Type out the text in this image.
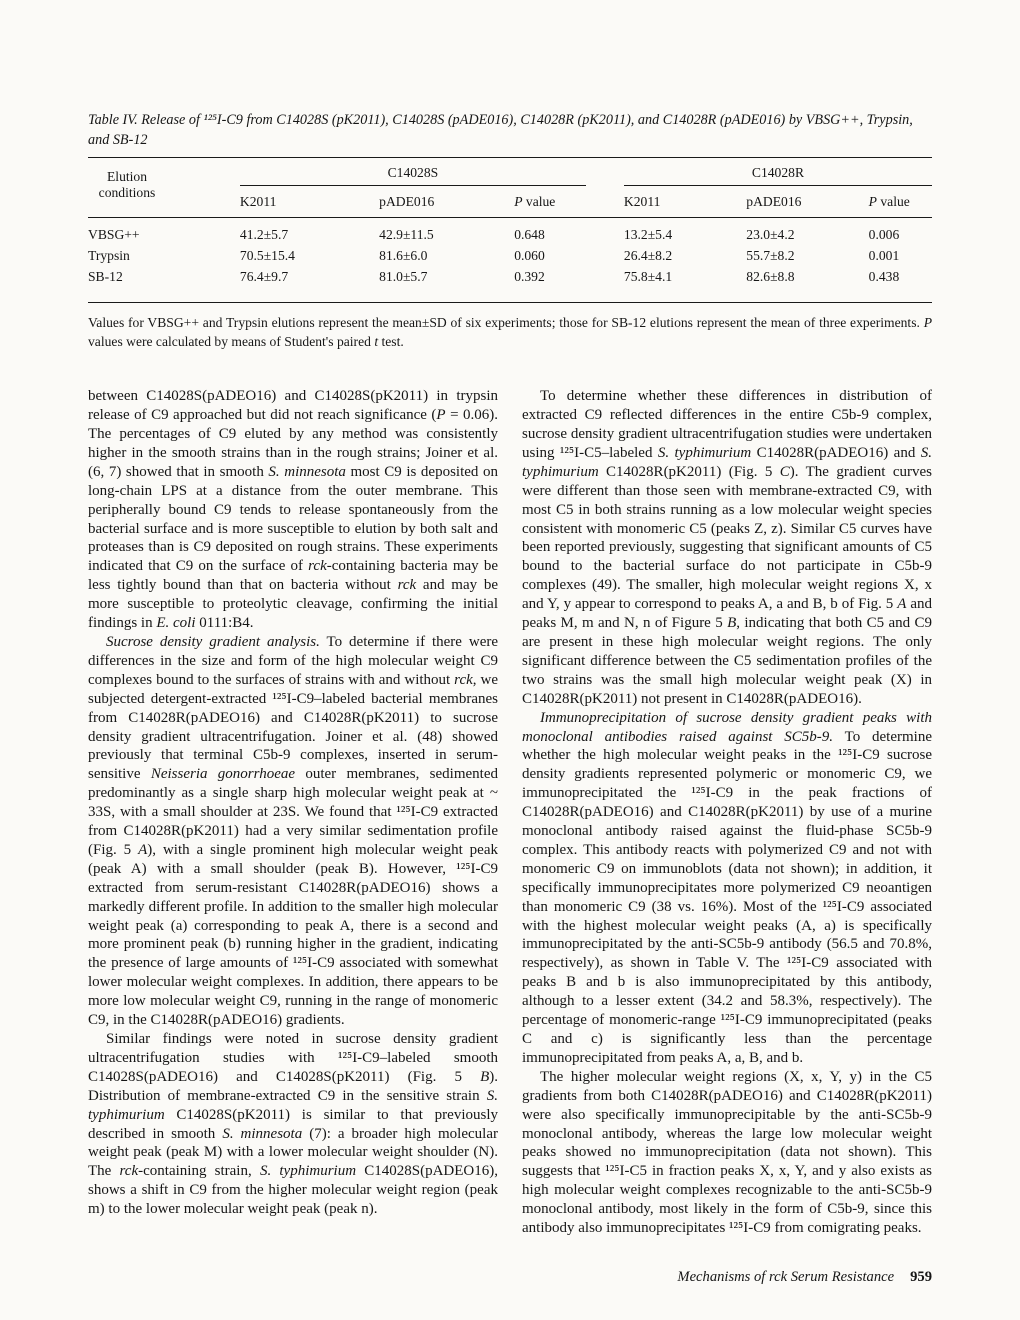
Table IV. Release of ¹²⁵I-C9 from C14028S (pK2011), C14028S (pADE016), C14028R (pK2011), and C14028R (pADE016) by VBSG++, Trypsin, and SB-12

Elution conditions	C14028S			C14028R		

	K2011	pADE016	P value	K2011	pADE016	P value
VBSG++	41.2±5.7	42.9±11.5	0.648	13.2±5.4	23.0±4.2	0.006
Trypsin	70.5±15.4	81.6±6.0	0.060	26.4±8.2	55.7±8.2	0.001
SB-12	76.4±9.7	81.0±5.7	0.392	75.8±4.1	82.6±8.8	0.438

Values for VBSG++ and Trypsin elutions represent the mean±SD of six experiments; those for SB-12 elutions represent the mean of three experiments. P values were calculated by means of Student's paired t test.

between C14028S(pADEO16) and C14028S(pK2011) in trypsin release of C9 approached but did not reach significance (P = 0.06). The percentages of C9 eluted by any method was consistently higher in the smooth strains than in the rough strains; Joiner et al. (6, 7) showed that in smooth S. minnesota most C9 is deposited on long-chain LPS at a distance from the outer membrane. This peripherally bound C9 tends to release spontaneously from the bacterial surface and is more susceptible to elution by both salt and proteases than is C9 deposited on rough strains. These experiments indicated that C9 on the surface of rck-containing bacteria may be less tightly bound than that on bacteria without rck and may be more susceptible to proteolytic cleavage, confirming the initial findings in E. coli 0111:B4.

Sucrose density gradient analysis. To determine if there were differences in the size and form of the high molecular weight C9 complexes bound to the surfaces of strains with and without rck, we subjected detergent-extracted ¹²⁵I-C9–labeled bacterial membranes from C14028R(pADEO16) and C14028R(pK2011) to sucrose density gradient ultracentrifugation. Joiner et al. (48) showed previously that terminal C5b-9 complexes, inserted in serum-sensitive Neisseria gonorrhoeae outer membranes, sedimented predominantly as a single sharp high molecular weight peak at ~ 33S, with a small shoulder at 23S. We found that ¹²⁵I-C9 extracted from C14028R(pK2011) had a very similar sedimentation profile (Fig. 5 A), with a single prominent high molecular weight peak (peak A) with a small shoulder (peak B). However, ¹²⁵I-C9 extracted from serum-resistant C14028R(pADEO16) shows a markedly different profile. In addition to the smaller high molecular weight peak (a) corresponding to peak A, there is a second and more prominent peak (b) running higher in the gradient, indicating the presence of large amounts of ¹²⁵I-C9 associated with somewhat lower molecular weight complexes. In addition, there appears to be more low molecular weight C9, running in the range of monomeric C9, in the C14028R(pADEO16) gradients.

Similar findings were noted in sucrose density gradient ultracentrifugation studies with ¹²⁵I-C9–labeled smooth C14028S(pADEO16) and C14028S(pK2011) (Fig. 5 B). Distribution of membrane-extracted C9 in the sensitive strain S. typhimurium C14028S(pK2011) is similar to that previously described in smooth S. minnesota (7): a broader high molecular weight peak (peak M) with a lower molecular weight shoulder (N). The rck-containing strain, S. typhimurium C14028S(pADEO16), shows a shift in C9 from the higher molecular weight region (peak m) to the lower molecular weight peak (peak n).

To determine whether these differences in distribution of extracted C9 reflected differences in the entire C5b-9 complex, sucrose density gradient ultracentrifugation studies were undertaken using ¹²⁵I-C5–labeled S. typhimurium C14028R(pADEO16) and S. typhimurium C14028R(pK2011) (Fig. 5 C). The gradient curves were different than those seen with membrane-extracted C9, with most C5 in both strains running as a low molecular weight species consistent with monomeric C5 (peaks Z, z). Similar C5 curves have been reported previously, suggesting that significant amounts of C5 bound to the bacterial surface do not participate in C5b-9 complexes (49). The smaller, high molecular weight regions X, x and Y, y appear to correspond to peaks A, a and B, b of Fig. 5 A and peaks M, m and N, n of Figure 5 B, indicating that both C5 and C9 are present in these high molecular weight regions. The only significant difference between the C5 sedimentation profiles of the two strains was the small high molecular weight peak (X) in C14028R(pK2011) not present in C14028R(pADEO16).

Immunoprecipitation of sucrose density gradient peaks with monoclonal antibodies raised against SC5b-9. To determine whether the high molecular weight peaks in the ¹²⁵I-C9 sucrose density gradients represented polymeric or monomeric C9, we immunoprecipitated the ¹²⁵I-C9 in the peak fractions of C14028R(pADEO16) and C14028R(pK2011) by use of a murine monoclonal antibody raised against the fluid-phase SC5b-9 complex. This antibody reacts with polymerized C9 and not with monomeric C9 on immunoblots (data not shown); in addition, it specifically immunoprecipitates more polymerized C9 neoantigen than monomeric C9 (38 vs. 16%). Most of the ¹²⁵I-C9 associated with the highest molecular weight peaks (A, a) is specifically immunoprecipitated by the anti-SC5b-9 antibody (56.5 and 70.8%, respectively), as shown in Table V. The ¹²⁵I-C9 associated with peaks B and b is also immunoprecipitated by this antibody, although to a lesser extent (34.2 and 58.3%, respectively). The percentage of monomeric-range ¹²⁵I-C9 immunoprecipitated (peaks C and c) is significantly less than the percentage immunoprecipitated from peaks A, a, B, and b.

The higher molecular weight regions (X, x, Y, y) in the C5 gradients from both C14028R(pADEO16) and C14028R(pK2011) were also specifically immunoprecipitable by the anti-SC5b-9 monoclonal antibody, whereas the large low molecular weight peaks showed no immunoprecipitation (data not shown). This suggests that ¹²⁵I-C5 in fraction peaks X, x, Y, and y also exists as high molecular weight complexes recognizable to the anti-SC5b-9 monoclonal antibody, most likely in the form of C5b-9, since this antibody also immunoprecipitates ¹²⁵I-C9 from comigrating peaks.

Mechanisms of rck Serum Resistance 959
